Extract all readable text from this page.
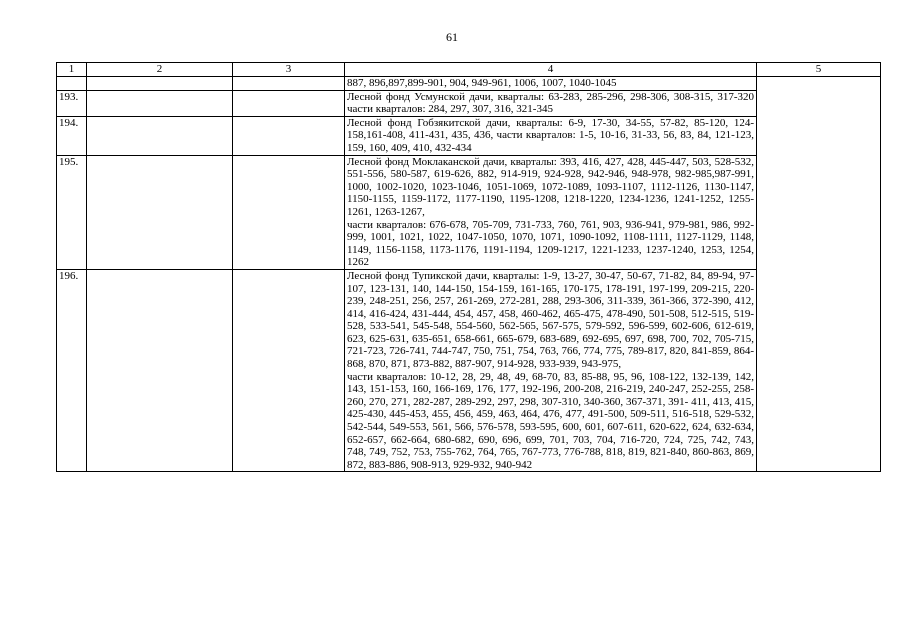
61
1	2	3	4	5
			887, 896,897,899-901, 904, 949-961, 1006, 1007, 1040-1045	
193.			Лесной фонд Усмунской дачи, кварталы: 63-283, 285-296, 298-306, 308-315, 317-320 части кварталов: 284, 297, 307, 316, 321-345	
194.			Лесной фонд Гобзякитской дачи, кварталы: 6-9, 17-30, 34-55, 57-82, 85-120, 124-158,161-408, 411-431, 435, 436, части кварталов: 1-5, 10-16, 31-33, 56, 83, 84, 121-123, 159, 160, 409, 410, 432-434	
195.			Лесной фонд Моклаканской дачи, кварталы: 393, 416, 427, 428, 445-447, 503, 528-532, 551-556, 580-587, 619-626, 882, 914-919, 924-928, 942-946, 948-978, 982-985,987-991, 1000, 1002-1020, 1023-1046, 1051-1069, 1072-1089, 1093-1107, 1112-1126, 1130-1147, 1150-1155, 1159-1172, 1177-1190, 1195-1208, 1218-1220, 1234-1236, 1241-1252, 1255-1261, 1263-1267,
части кварталов: 676-678, 705-709, 731-733, 760, 761, 903, 936-941, 979-981, 986, 992-999, 1001, 1021, 1022, 1047-1050, 1070, 1071, 1090-1092, 1108-1111, 1127-1129, 1148, 1149, 1156-1158, 1173-1176, 1191-1194, 1209-1217, 1221-1233, 1237-1240, 1253, 1254, 1262	

196.			Лесной фонд Тупикской дачи, кварталы: 1-9, 13-27, 30-47, 50-67, 71-82, 84, 89-94, 97-107, 123-131, 140, 144-150, 154-159, 161-165, 170-175, 178-191, 197-199, 209-215, 220-239, 248-251, 256, 257, 261-269, 272-281, 288, 293-306, 311-339, 361-366, 372-390, 412, 414, 416-424, 431-444, 454, 457, 458, 460-462, 465-475, 478-490, 501-508, 512-515, 519-528, 533-541, 545-548, 554-560, 562-565, 567-575, 579-592, 596-599, 602-606, 612-619, 623, 625-631, 635-651, 658-661, 665-679, 683-689, 692-695, 697, 698, 700, 702, 705-715, 721-723, 726-741, 744-747, 750, 751, 754, 763, 766, 774, 775, 789-817, 820, 841-859, 864-868, 870, 871, 873-882, 887-907, 914-928, 933-939, 943-975,
части кварталов: 10-12, 28, 29, 48, 49, 68-70, 83, 85-88, 95, 96, 108-122, 132-139, 142, 143, 151-153, 160, 166-169, 176, 177, 192-196, 200-208, 216-219, 240-247, 252-255, 258-260, 270, 271, 282-287, 289-292, 297, 298, 307-310, 340-360, 367-371, 391- 411, 413, 415, 425-430, 445-453, 455, 456, 459, 463, 464, 476, 477, 491-500, 509-511, 516-518, 529-532, 542-544, 549-553, 561, 566, 576-578, 593-595, 600, 601, 607-611, 620-622, 624, 632-634, 652-657, 662-664, 680-682, 690, 696, 699, 701, 703, 704, 716-720, 724, 725, 742, 743, 748, 749, 752, 753, 755-762, 764, 765, 767-773, 776-788, 818, 819, 821-840, 860-863, 869, 872, 883-886, 908-913, 929-932, 940-942	
